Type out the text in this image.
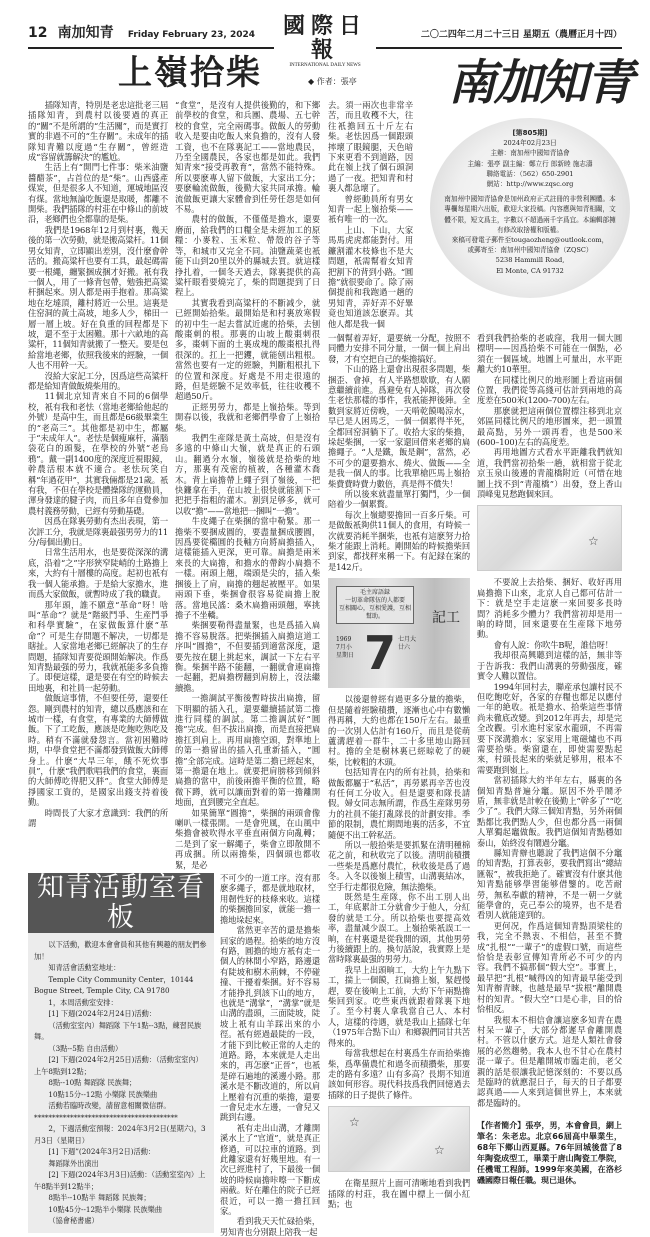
12 南加知青 Friday February 23, 2024	國際日報
INTERNATIONAL DAILY NEWS
二〇二四年二月二十三日 星期五（農曆正月十四）
上嶺拾柴	◆ 作者：張亭 南加知青

插隊知青，特別是老忠這批老三屆插隊知青，到農村以後要過的真正的“關”不是所謂的“生活關”，而是實打實的非過不可的“生存關”。未成年的插隊知青難以度過“生存關”，曾經造成“容留就籌解決”的尷尬。

生活上有“開門七件事：柴米油鹽醬醋茶”，占首位的是“柴”。山西盛產煤炭，但是很多人不知道，運城地區沒有煤。當地無論吃飯還是取暖，都離不開柴。我們插隊的村莊在中條山的前坡沿，老鄉們也全都靠的是柴。

我們是1968年12月到村裏，幾天後的第一次勞動，就是搬高粱杆。11個男女知青，立即顯出差別，沒什麼會幹活的。搬高粱杆也要有工具，最起碼需要一根繩，纏緊捆成捆才好搬。衹有我一個人，用了一條背包帶，勉強把高粱杆捆起來。別人都是兩手抱着。那高粱地在圪墶頂，離村將近一公里。這裏是住窑洞的黃土高坡，地多人少，梯田一層一層上坡。好在負重的回程都是下坡，還不至于太困難。那十六畝地的高粱杆，11個知青就搬了一整天。要是包給當地老鄉，依照我後來的經驗，一個人也不用幹一天。

沒給大家記工分，因爲這些高粱杆都是給知青做飯燒柴用的。

11個北京知青來自不同的6個學校，衹有我和老怯（當地老鄉給他起的外號）是高中生，而且都是66級畢業生的“老高三”。其他都是初中生，都屬于“未成年人”。老怯是個瘦麻杆，滿腦袋花白的頭髮，在學校的外號“老烏鴉”。戴一副1400度的深度近視眼鏡，幹農活根本就不適合。老怯玩笑自稱“年過花甲”，其實我倆都是21歲。衹有我，不但在學校是體操隊的運動員，渾身發達的腱子肉，而且多年自覺參加農村義務勞動，已經有勞動基礎。

因爲在隊裏勞動有杰出表現，第一次評工分，我就是隊裏最强男勞力的11分/每個出勤日。

日常生活用水，也是要從深深的溝底，沿着“之”字形狹窄陡峭的土路擔上來，大約有十層樓的高度。起初也衹有我一個人能承擔。于是給大家擔水，進而爲大家做飯，就暫時成了我的職責。

那年頭，誰不願意“革命”呀！啥叫“革命”？就是“階級鬥爭、生産鬥爭和科學實驗”，在家做飯算什麽“革命”？可是生存問題不解决，一切都是瞎扯。人家當地老鄉已經解决了的生存問題，插隊知青要從頭開始解决。作爲知青點最强的勞力，我就衹能多多負擔了。即便這樣，還是要在有空的時候去田地裏，和社員一起勞動。

做飯這事情，不但要任勞，還要任怨。剛到農村的知青，總以爲應該和在城市一樣，有食堂，有專業的大師傅做飯。下了工吃飯，應該是吃飽吃熟吃及時。稍有不滿就發怨言。當初困難時期，中學食堂把不滿都發到做飯大師傅身上。什麽“大旱三年，餓不死炊事員”，什麽“我們歌唱我們的食堂，裏面的大師傅吃得肥又胖”。食堂大師傅是掙國家工資的，是國家出錢支持着後勤。

時間長了大家才意識到：我們的所謂

“食堂”，是沒有人提供後勤的，和下鄉前學校的食堂，和兵團、農場、五七幹校的食堂，完全兩碼事。做飯人的勞動收入是要由吃飯人來負擔的，沒有人發工資，也不在隊裏記工——當地農民，乃至全國農民，各家也都是如此。我們知青來“接受再教育”，當然不能特殊。所以要麽專人留下做飯，大家出工分；要麽輪流做飯，後勤大家共同承擔。輪流做飯更讓大家體會到任勞任怨是如何不易。

農村的做飯，不僅僅是擔水，還要磨面，給我們的口糧全是未經加工的原糧：小麥粒、玉米粒、帶殼的谷子等等，和城市又完全不同。油鹽蔬菜也衹能下山到20里以外的縣城去買。就這樣挣扎着，一個冬天過去，隊裏提供的高粱杆眼看要燒完了，柴的問題提到了日程上。

其實我看到高粱杆的不斷减少，就已經開始拾柴。最開始是和村裏放寒假的初中生一起去嘗試近處的拾柴，去刨酸棗刺的根。那裏的山坡上酸棗刺很多，棗刺下面的土裏成塊的酸棗根扎得很深的。扛上一把钁，就能刨出粗根。當然也要有一定的經驗，判斷粗根扎下的位置和深度。好處是不用走很遠的路，但是經驗不足效率低，往往收穫不超過50斤。

正經男勞力，都是上嶺拾柴。等到開春以後，我就和老鄉們學會了上嶺拾柴。

我們生産隊是黃土高坡，但是沒有多遠的中條山大嶺，就是真正的石頭山。翻過分水嶺，嶺後就是拾柴的地方，那裏有茂密的植被，各種灌木喬木。背上扁擔帶上繩子到了嶺後，一把快鐮拿在手，在山坡上很快就能割下一把把手指粗的灌木。割到足够多，就可以收“擔”——當地把一捆叫“一擔”。

牛皮繩子在柴捆的當中勒緊。那一擔柴不要捆成圓的，要盡量捆成腰圓，因爲要從橢圓的長軸方向將扁擔插入，這樣能插入更深，更可靠。扁擔是兩米來長的大扁擔，和擔水的帶鈎小扁擔不一樣。兩頭上翹，端頭是尖的，插入柴捆後上了肩，扁擔的翹起被壓平。如果兩頭下垂，柴捆會很容易從扁擔上脫落。當地民謠：桑木扁擔兩頭翹，寧挑擔子不坐轎。

柴捆要勒得盡量緊，也是爲插入扁擔不容易脫落。把柴捆插入扁擔這道工序叫“圓擔”，不但要插到適當深度，還要先按在腿上挑起來，調試一下左右平衡。柴捆半路不能翻，一翻就會連扁擔一起翻，把扁擔楞翻到肩膀上，沒法繼續擔。

一擔調試平衡後暫時拔出扁擔，留下明顯的插入孔，還要繼續插試第二擔進行同樣的調試。第二擔調試好“圓擔”完成。但不拔出扁擔，而是直接把扁擔扛到肩上。再用扁擔空頭，對準地上的第一擔留出的插入孔重新插入，“圓擔”全部完成。這時是第二擔已經起來，第一擔還在地上。就要把肩膀移到傾斜扁擔的當中，前後兩擔平衡的位置，略微下蹲，就可以讓面對着的第一擔離開地面，直到腰完全直起。

如果簡單“圓擔”，柴捆的兩頭會像喇叭一樣張開。一是會兜風，在山風中柴擔會被吹得水平垂直兩個方向亂轉；二是到了家一解繩子，柴會立即散開不再成捆。所以兩擔柴，四個頭也都收緊，是必

知青活動室看板

以下活動，歡迎本會會員和其他有興趣的朋友們參加！

知青活會活動室地址：

Temple City Community Center，10144 Bogue Street, Temple City, CA 91780

1，本周活動室安排：

[1] 下週(2024年2月24日)活動：

（活動室室內）舞蹈隊 下午1點--3點，練習民族舞。

（3點--5點 自由活動）

[2] 下週(2024年2月25日)活動：（活動室室內）上午8點到12點；

8點--10點 舞蹈隊 民族舞；

10點15分--12點 小樂隊 民族樂曲

活動若臨時改變，請留意相關微信群。

****************************************

2，下週活動室預報：2024年3月2日(星期六)，3月3日（星期日）

[1] 下週”(2024年3月2日)活動：

舞蹈隊外出演出

[2] 下週(2024年3月3日)活動：（活動室室內）上午8點半到12點半；

8點半--10點半 舞蹈隊 民族舞；

10點45分--12點半小樂隊 民族樂曲

（協會秘書處）

不可少的一道工序。沒有那麽多繩子，都是就地取材，用韌性好的枝條來收。這樣的柴捆擔回家，就能一擔一擔地垛起來。

當然更辛苦的還是擔柴回家的過程。拾柴的地方沒有路，圓擔的地方衹有走一個人的林間小窄路，路邊還有陡坡和樹木荊棘，不停碰撞、干擾着柴捆。好不容易才能挣扎到該下山的地方，也就是“溝掌”，“溝掌”就是山溝的盡頭，三面陡坡，陡坡上衹有山羊踩出來的小徑。衹有經過最陡的一段，才能下到比較正常的人走的道路。路，本來就是人走出來的，再怎麽“正晉”，也衹是碎石遍地的溪邊小路。那溪水是不斷改道的，所以肩上壓着有沉重的柴擔，還要一會兒走水左邊，一會兒又跳到右邊。

衹有走出山溝，才離開溪水上了“官道”，就是真正修過，可以拉車的道路。到此離家還有好幾里地。有一次已經進村了，下最後一個坡的時候扁擔咔嚓一下斷成兩截。好在離住的院子已經很近，可以一擔一擔扛回家。

看到我天天忙碌拾柴，男知青也分別跟上陪我一起

去。須一兩次也非常辛苦，而且收穫不大，往往衹擔回五十斤左右柴。老怯因爲一個跟頭摔壞了眼鏡腿，天色暗下來更看不到道路，因此在嶺上找了個石頭洞過了一夜。把知青和村裏人都急壞了。

曾經動員所有男女知青一起上嶺拾柴——衹有唯一的一次。

上山、下山，大家馬馬虎虎都能對付。用鐮割灌木枝條也不是大問題，衹需幫着女知青把割下的背到小路。“圓擔”就很要命了。除了兩個提前和我跑過一趟的男知青，弄好弄不好畢竟也知道該怎麽弄。其他人都是我一個

[第805期]
2024年02月23日
主辦：南加州中國知青協會
主編：張亭 副主編：鄭立行 郎新睦 施志濤
聯絡電話：（562）650-2901
網站：http://www.zqsc.org
南加州中國知青協會是加州政府正式註冊的非營利團體。本專欄每星期六出版，歡迎大家投稿。內容應與知青相關，文體不限，短文爲主，字數以不超過兩千字爲宜。本編輯部擁有修改取捨權和版權。
來稿可發電子郵件至tougaozheng@outlook.com，
或郵寄至：南加州中國知青協會（ZQSC）
5238 Hammill Road,
El Monte, CA 91732

一個幫着弄好，還要統一分配，按照不同體力安排不同分量，一個一個上肩出發，才有空把自己的柴擔搞好。

下山的路上還會出現很多問題，柴捆歪、會掉，有人半路想歇歇，有人願意繼續前進。爲避免有人掉隊，再次發生老怯那樣的事件，我衹能押後陣。全數到家將近傍晚，一天啃乾饃喝涼水，早已是人困馬乏，一個一個累得半死，全都回窑洞躺下了。收拾大家的柴擔，垛起柴捆，一家一家還回借來老鄉的扁擔繩子。“人是鐵，飯是鋼”，當然，必不可少的還要擔水、燒火、做飯——全是我一個人的事。比我單槍匹馬上嶺拾柴費費時費力數倍，真是得不償失！

所以後來就盡量單打獨鬥，少一個陪着少一個累贅。

每次上嶺總要擔回一百多斤柴。可是做飯衹夠供11個人的食用，有時候一次就要消耗半捆柴，也衹有這麽努力拾柴才能跟上消耗。剛開始的時候擔柴回到家，都找秤來稱一下。有記録在案的是142斤。

毛主席語録
一切革命隊伍的人都要
互相關心，互相愛護，互相幫助。
1969
7月小
星期日 7 七月大
廿六
記工

以後還曾經有過更多分量的擔柴，但是隨着經驗積攢，逐漸也心中有數懶得再稱，大約也都在150斤左右。最重的一次別人估計有160斤，而且是從萌蘆溝趕着一群牛，二十多里地山路回村。擔的全是樹林裏已經晾乾了的硬柴，比較粗的木頭。

包括知青在内的所有社員，拾柴和做飯都屬于“私活”，再勞累再辛苦也沒有任何工分收入。但是還要和隊長請假。婦女同志無所謂，作爲生産隊男勞力的社員不能打亂隊長的計劃安排。季節的限制，農忙期間地裏的活多，不宜隨便不出工幹私活。

所以一般拾柴是要抓緊在清明種棉花之前，和秋收完了以後。清明前積攢一些柴是爲應付農忙，秋收後是爲了過冬。入冬以後嶺上積雪，山溝裏結冰，空手行走都很危險，無法擔柴。

既然是生産隊，你不出工別人出工，年底累計工分就會少于他人，分紅發的就是工分。所以拾柴也要提高效率，盡量减少誤工。上嶺拾柴衹誤工一晌，在村裏還是從我開的頭，其他男勞力後續跟上的。換句話說，我實際上是當時隊裏最强的男勞力。

我早上出頭晌工，大約上午九點下工，揣上一個饃，扛扁擔上嶺，緊趕慢趕，要在後晌上工前，大約下午兩點擔柴回到家。吃些東西就跟着隊裏下地了。至今村裏人拿我當自己人、本村人，這樣的待遇，就是我山上插隊七年（1975年合點下山）和鄉親們同甘共苦得來的。

每當我想起在村裏爲生存而拾柴擔柴，爲準備農忙和過冬而積攢柴，那要走的路有多遠？山有多高？長期不知道該如何形容。現代科技爲我們回憶過去插隊的日子提供了條件。

☆
☆

在衛星照片上面可清晰地看到我們插隊的村莊，我在圖中標上一個小紅點；也

看到我們拾柴的老戚窪，我用一個大圓標明——因爲拾柴不可能在一個點，必須在一個區域。地圖上可量出，水平距離大約10華里。

在同樣比例尺的地形圖上看這兩個位置，我們從等高綫可估計到兩地的高度差在500米(1200–700)左右。

那麽就把這兩個位置標注移到北京郊區同樣比例尺的地形圖來，把一頭置最高點，另外一頭再看，也是500米(600–100)左右的高度差。

再用地圖方式看水平距離我們就知道，我們當初拾柴一趟，就相當于從北京玉泉山後邊的青龍橋附近（可惜在地圖上找不到“青龍橋”）出發，登上香山頂峰鬼見愁跑個來回。

☆

不要說上去拾柴、捆好、收好再用扁擔擔下山來，北京人自己都可估計一下：就是空手走這麽一來回要多長時間？消耗多少體力？我們當初却是用一晌的時間，回來還要在生産隊下地勞動。

會有人說：你吹牛B呢，誰信呀！

我却很高興聽到這樣的話，無非等于告訴我：我們山溝裏的勞動强度，確實令人難以置信。

1994年回村去，聯産承包讓村民不但吃飽吃好，各家的存糧也都足以應付一年的絶收。衹是擔水、拾柴這些事情尚未徹底改變。到2012年再去，却是完全改觀。引水進村家家水龍頭，不再需要下深溝擔水；家家用上電磁爐也不再需要拾柴。柴窗還在，即使需要點起來，村頭長起來的柴就足够用，根本不需要跑到嶺上。

當初插隊大約半年左右，縣裏的各個知青點普遍分竈。原因不外乎鬧矛盾，無非就是計較在後勤上“幹多了”“吃少了”。我們大隊三個知青點，另外兩個點都比我們點人少，但也都分爲一兩個人單獨起竈做飯。我們這個知青點穩如泰山，始終沒有鬧過分竈。

縣知青辦也聽說了我們這個不分竈的知青點，打算表彰，要我們寫出“總結匯報”，被我拒絶了。確實沒有什麽其他知青點能够學習能够借鑒的。吃苦耐勞，無私奉獻的精神，不是一朝一夕就能學會的，克己奉公的境界，也不是看看別人就能達到的。

更何况，作爲這個知青點頂梁柱的我，完全不熱衷、不相信，甚至不贊成“扎根”“一輩子”的虚假口號，而這些恰恰是表彰宣傳知青所必不可少的内容。我們不搞那個“假大空”。事實上，最早把“扎根”喊得凶的知青最早能受到知青辦青睞，也越是最早“拔根”離開農村的知青。“假大空”口是心非，目的恰恰相反。

我根本不相信會讓這麽多知青在農村呆一輩子，大部分都遲早會離開農村。不管以什麽方式。這是人類社會發展的必然趨勢。我本人也不甘心在農村混一輩子。但是離開城市臨走前，老父親的話是很讓我記憶深刻的：不要以爲是臨時的就應混日子，每天的日子都要認真過——人來到這個世界上，本來就都是臨時的。

【作者簡介】張亭，男，本會會員，網上筆名：朱老忠。北京66屆高中畢業生，68年下鄉山西夏縣。76年回城後當了8年陶瓷成型工，畢業于唐山陶瓷工學院，任機電工程師。1999年來美國，在洛杉磯國際日報任職。現已退休。
